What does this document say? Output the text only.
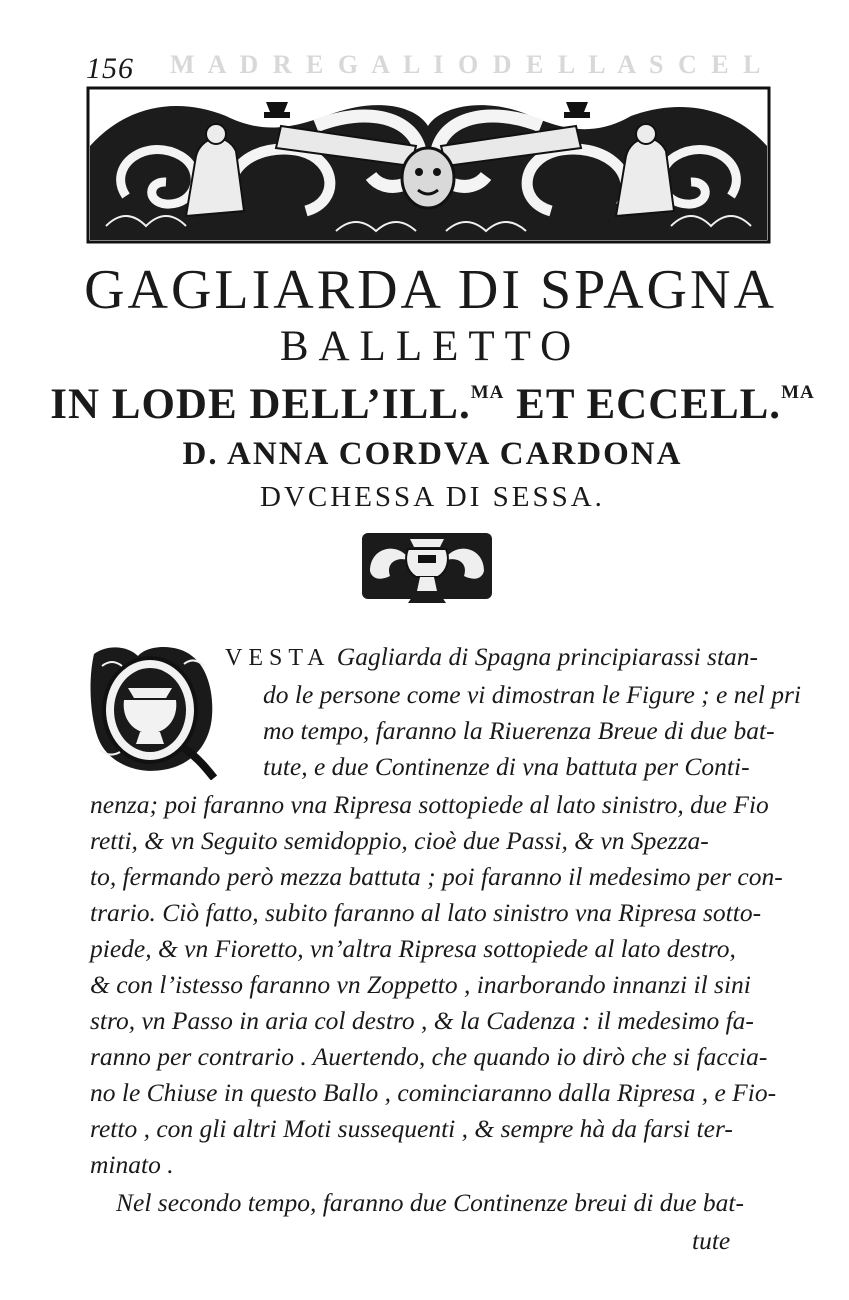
156 M A D R E G A L I O D E L L A S C E L
GAGLIARDA DI SPAGNA
BALLETTO
IN LODE DELL’ILL.$^{MA}$ ET ECCELL.$^{MA}$
D. ANNA CORDVA CARDONA
DVCHESSA DI SESSA.
VESTA Gagliarda di Spagna principiarassi stan-
do le persone come vi dimostran le Figure ; e nel pri
mo tempo, faranno la Riuerenza Breue di due bat-
tute, e due Continenze di vna battuta per Conti-
nenza; poi faranno vna Ripresa sottopiede al lato sinistro, due Fio
retti, & vn Seguito semidoppio, cioè due Passi, & vn Spezza-
to, fermando però mezza battuta ; poi faranno il medesimo per con-
trario. Ciò fatto, subito faranno al lato sinistro vna Ripresa sotto-
piede, & vn Fioretto, vn’altra Ripresa sottopiede al lato destro,
& con l’istesso faranno vn Zoppetto , inarborando innanzi il sini
stro, vn Passo in aria col destro , & la Cadenza : il medesimo fa-
ranno per contrario . Auertendo, che quando io dirò che si faccia-
no le Chiuse in questo Ballo , cominciaranno dalla Ripresa , e Fio-
retto , con gli altri Moti sussequenti , & sempre hà da farsi ter-
minato .
Nel secondo tempo, faranno due Continenze breui di due bat-
tute
